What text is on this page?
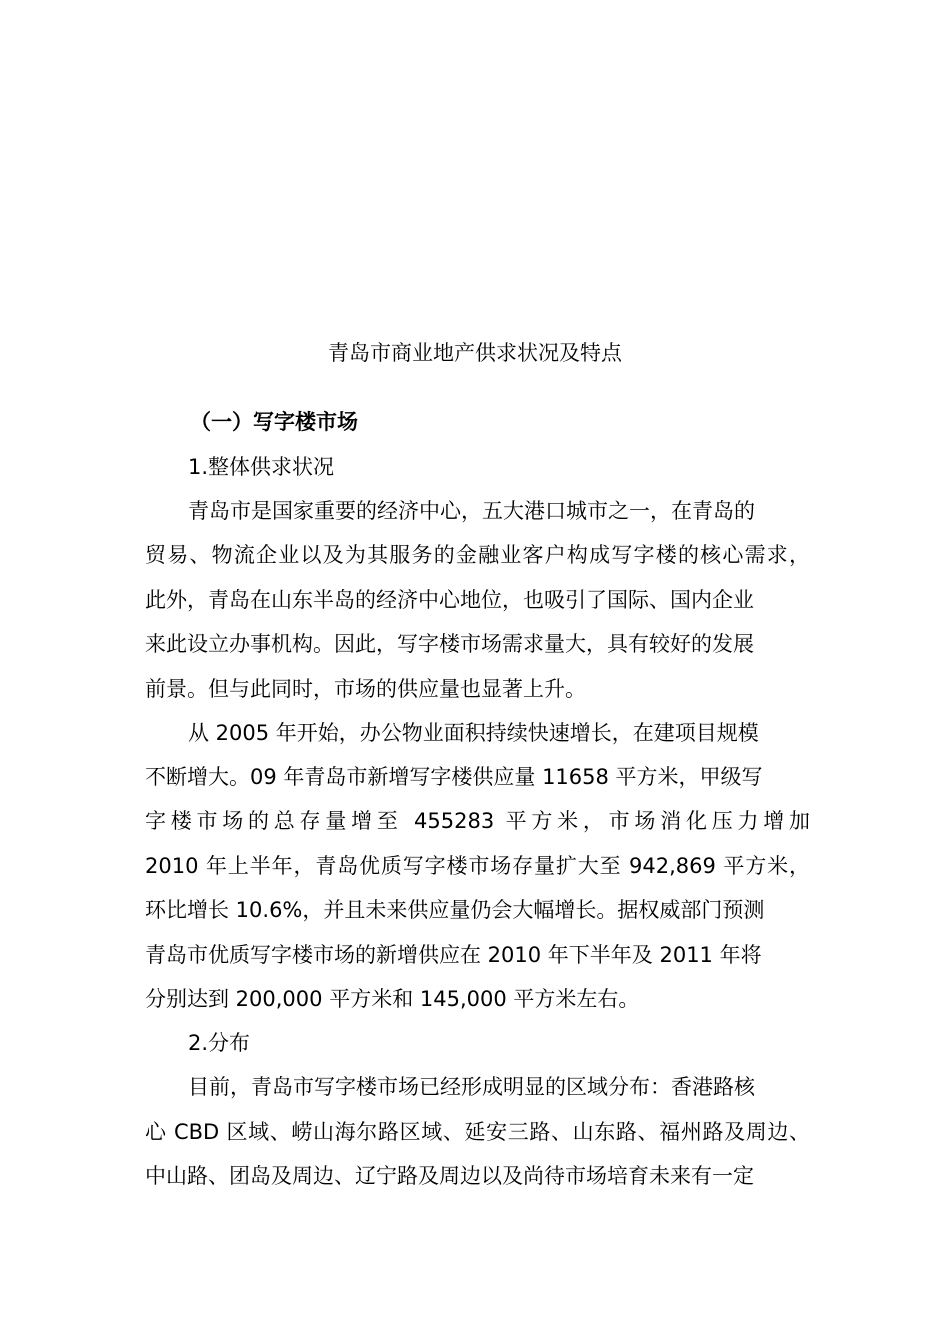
青岛市商业地产供求状况及特点
（一）写字楼市场
1.整体供求状况
青岛市是国家重要的经济中心，五大港口城市之一，在青岛的
贸易、物流企业以及为其服务的金融业客户构成写字楼的核心需求，
此外，青岛在山东半岛的经济中心地位，也吸引了国际、国内企业
来此设立办事机构。因此，写字楼市场需求量大，具有较好的发展
前景。但与此同时，市场的供应量也显著上升。
从 2005 年开始，办公物业面积持续快速增长，在建项目规模
不断增大。09 年青岛市新增写字楼供应量 11658 平方米，甲级写
字楼市场的总存量增至 455283 平方米，市场消化压力增加
2010 年上半年，青岛优质写字楼市场存量扩大至 942,869 平方米，
环比增长 10.6%，并且未来供应量仍会大幅增长。据权威部门预测
青岛市优质写字楼市场的新增供应在 2010 年下半年及 2011 年将
分别达到 200,000 平方米和 145,000 平方米左右。
2.分布
目前，青岛市写字楼市场已经形成明显的区域分布：香港路核
心 CBD 区域、崂山海尔路区域、延安三路、山东路、福州路及周边、
中山路、团岛及周边、辽宁路及周边以及尚待市场培育未来有一定
